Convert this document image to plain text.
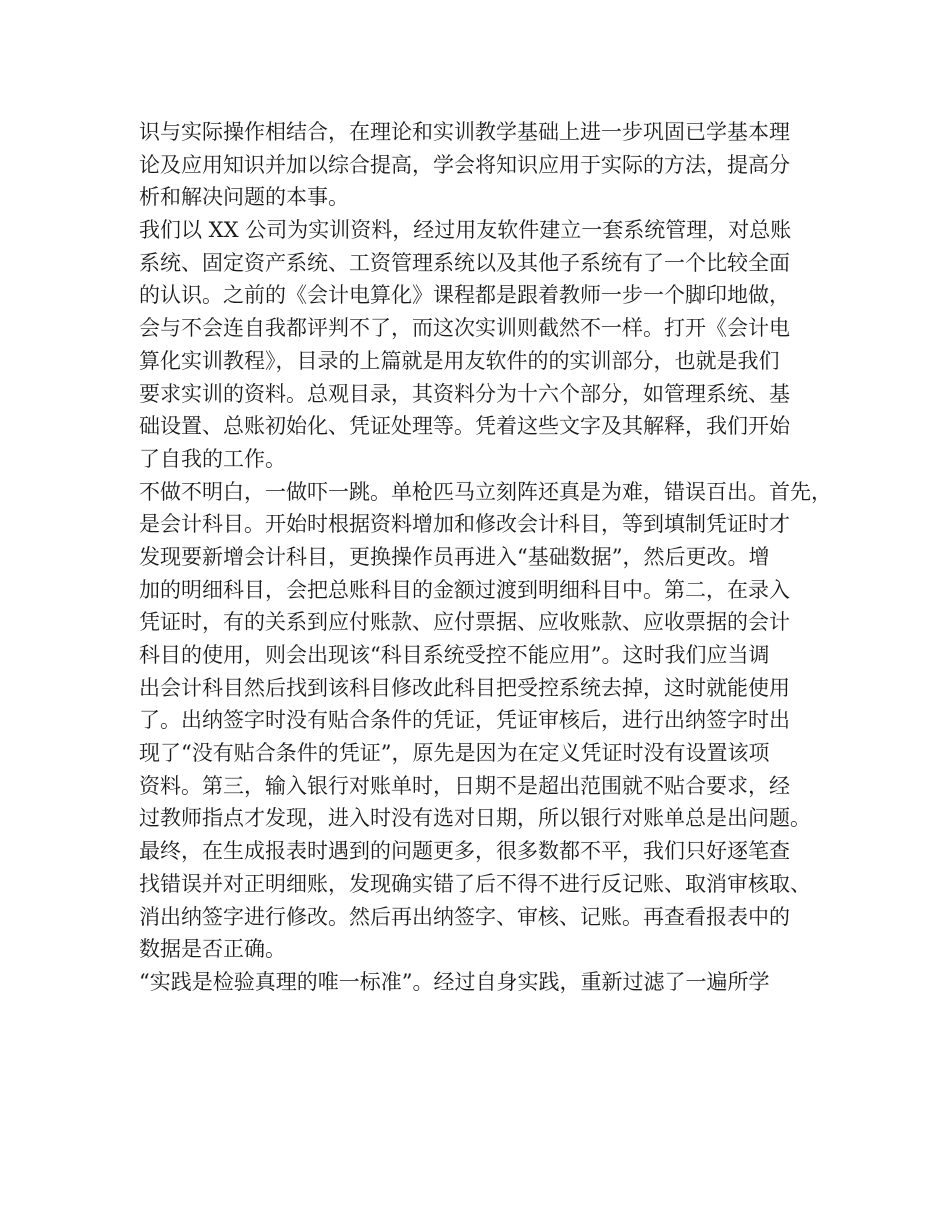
识与实际操作相结合，在理论和实训教学基础上进一步巩固已学基本理
论及应用知识并加以综合提高，学会将知识应用于实际的方法，提高分
析和解决问题的本事。
我们以 XX 公司为实训资料，经过用友软件建立一套系统管理，对总账
系统、固定资产系统、工资管理系统以及其他子系统有了一个比较全面
的认识。之前的《会计电算化》课程都是跟着教师一步一个脚印地做，
会与不会连自我都评判不了，而这次实训则截然不一样。打开《会计电
算化实训教程》，目录的上篇就是用友软件的的实训部分，也就是我们
要求实训的资料。总观目录，其资料分为十六个部分，如管理系统、基
础设置、总账初始化、凭证处理等。凭着这些文字及其解释，我们开始
了自我的工作。
不做不明白，一做吓一跳。单枪匹马立刻阵还真是为难，错误百出。首先，
是会计科目。开始时根据资料增加和修改会计科目，等到填制凭证时才
发现要新增会计科目，更换操作员再进入“基础数据”，然后更改。增
加的明细科目，会把总账科目的金额过渡到明细科目中。第二，在录入
凭证时，有的关系到应付账款、应付票据、应收账款、应收票据的会计
科目的使用，则会出现该“科目系统受控不能应用”。这时我们应当调
出会计科目然后找到该科目修改此科目把受控系统去掉，这时就能使用
了。出纳签字时没有贴合条件的凭证，凭证审核后，进行出纳签字时出
现了“没有贴合条件的凭证”，原先是因为在定义凭证时没有设置该项
资料。第三，输入银行对账单时，日期不是超出范围就不贴合要求，经
过教师指点才发现，进入时没有选对日期，所以银行对账单总是出问题。
最终，在生成报表时遇到的问题更多，很多数都不平，我们只好逐笔查
找错误并对正明细账，发现确实错了后不得不进行反记账、取消审核取、
消出纳签字进行修改。然后再出纳签字、审核、记账。再查看报表中的
数据是否正确。
“实践是检验真理的唯一标准”。经过自身实践，重新过滤了一遍所学
